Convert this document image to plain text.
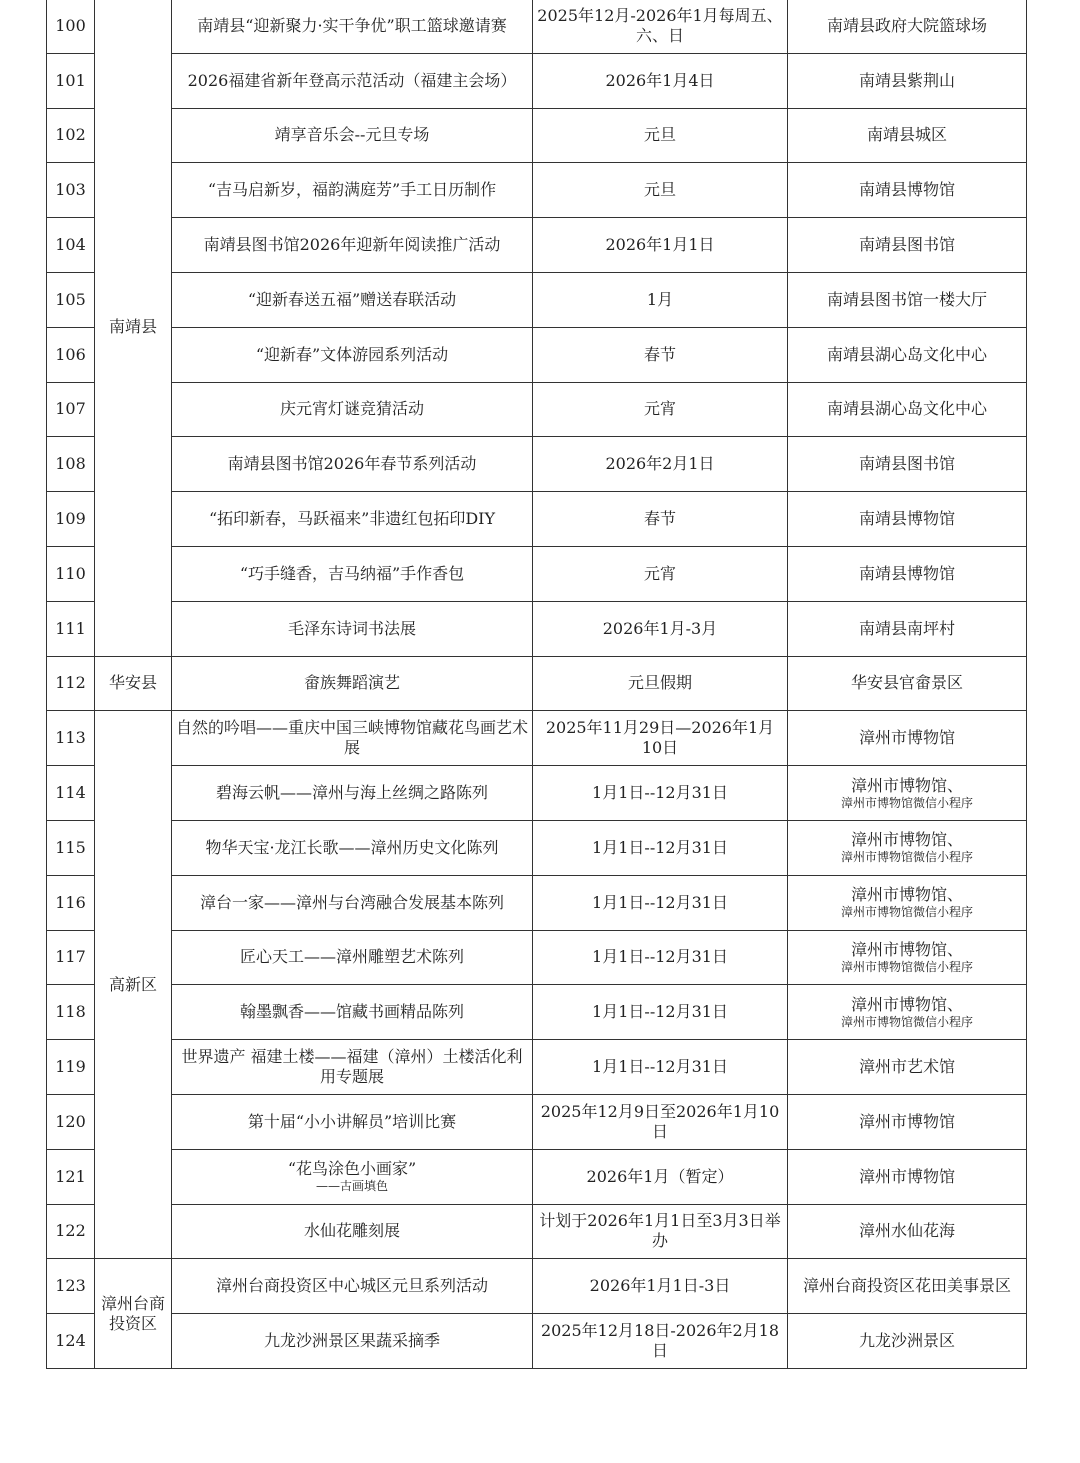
100	南靖县	南靖县“迎新聚力·实干争优”职工篮球邀请赛	2025年12月-2026年1月每周五、六、日	南靖县政府大院篮球场
101		2026福建省新年登高示范活动（福建主会场）	2026年1月4日	南靖县紫荆山
102		靖享音乐会--元旦专场	元旦	南靖县城区
103		“吉马启新岁，福韵满庭芳”手工日历制作	元旦	南靖县博物馆
104		南靖县图书馆2026年迎新年阅读推广活动	2026年1月1日	南靖县图书馆
105		“迎新春送五福”赠送春联活动	1月	南靖县图书馆一楼大厅
106		“迎新春”文体游园系列活动	春节	南靖县湖心岛文化中心
107		庆元宵灯谜竞猜活动	元宵	南靖县湖心岛文化中心
108		南靖县图书馆2026年春节系列活动	2026年2月1日	南靖县图书馆
109		“拓印新春，马跃福来”非遗红包拓印DIY	春节	南靖县博物馆
110		“巧手缝香，吉马纳福”手作香包	元宵	南靖县博物馆
111		毛泽东诗词书法展	2026年1月-3月	南靖县南坪村
112	华安县	畲族舞蹈演艺	元旦假期	华安县官畲景区
113	高新区	自然的吟唱——重庆中国三峡博物馆藏花鸟画艺术展	2025年11月29日—2026年1月10日	漳州市博物馆
114		碧海云帆——漳州与海上丝绸之路陈列	1月1日--12月31日	漳州市博物馆、
漳州市博物馆微信小程序

115		物华天宝·龙江长歌——漳州历史文化陈列	1月1日--12月31日	漳州市博物馆、
漳州市博物馆微信小程序

116		漳台一家——漳州与台湾融合发展基本陈列	1月1日--12月31日	漳州市博物馆、
漳州市博物馆微信小程序

117		匠心天工——漳州雕塑艺术陈列	1月1日--12月31日	漳州市博物馆、
漳州市博物馆微信小程序

118		翰墨飘香——馆藏书画精品陈列	1月1日--12月31日	漳州市博物馆、
漳州市博物馆微信小程序

119		世界遗产 福建土楼——福建（漳州）土楼活化利用专题展	1月1日--12月31日	漳州市艺术馆
120		第十届“小小讲解员”培训比赛	2025年12月9日至2026年1月10日	漳州市博物馆
121		“花鸟涂色小画家”
——古画填色	2026年1月（暂定）	漳州市博物馆
122		水仙花雕刻展	计划于2026年1月1日至3月3日举办	漳州水仙花海
123	漳州台商投资区	漳州台商投资区中心城区元旦系列活动	2026年1月1日-3日	漳州台商投资区花田美事景区
124		九龙沙洲景区果蔬采摘季	2025年12月18日-2026年2月18日	九龙沙洲景区
